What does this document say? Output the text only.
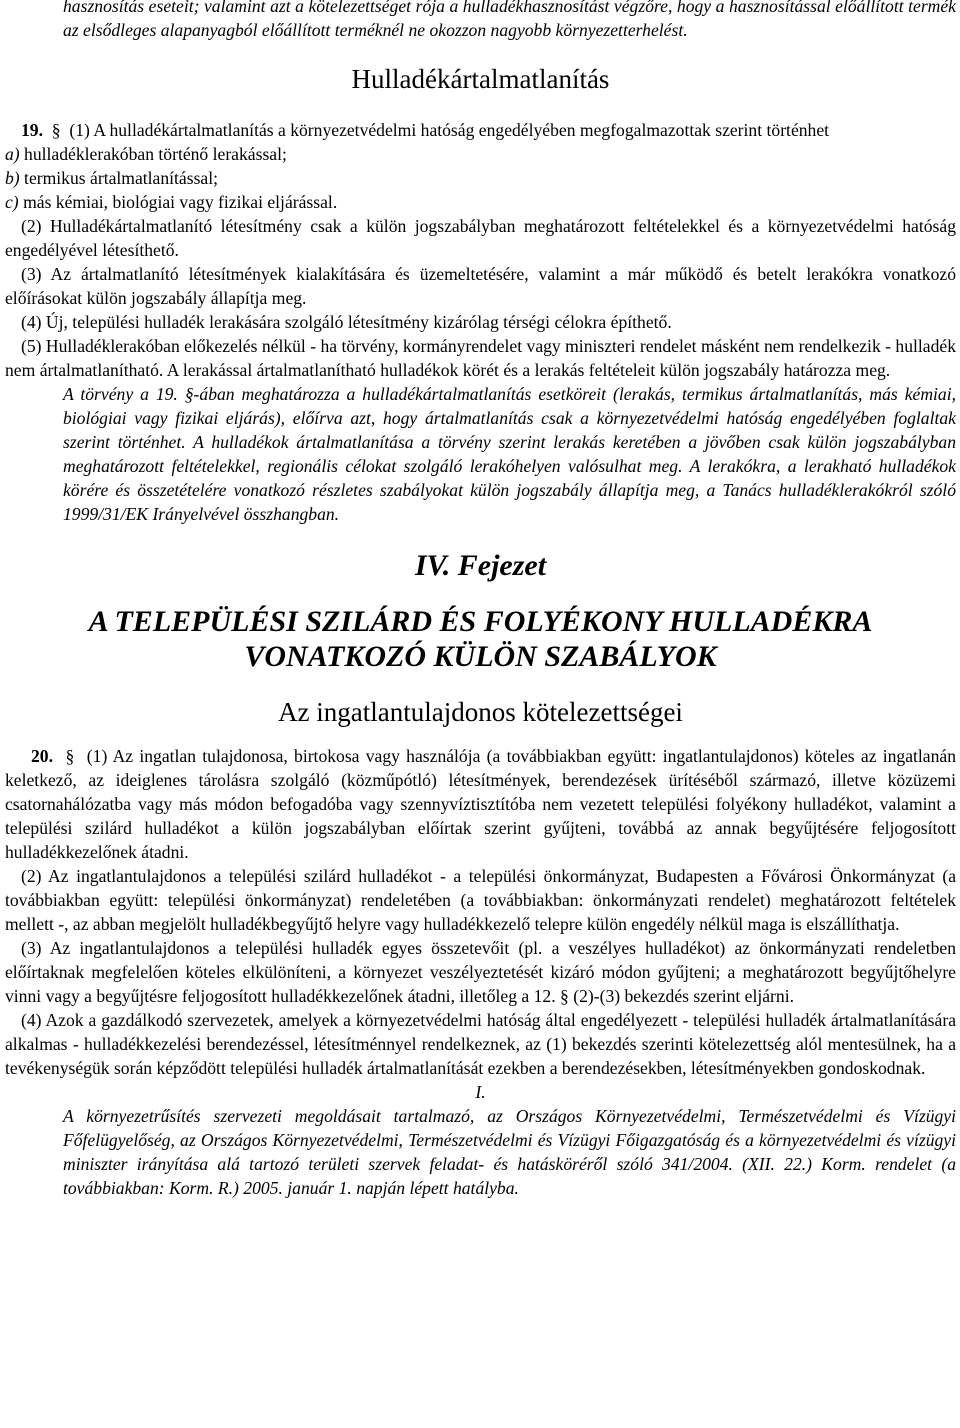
hasznosítás eseteit; valamint azt a kötelezettséget rója a hulladékhasznosítást végzőre, hogy a hasznosítással előállított termék az elsődleges alapanyagból előállított terméknél ne okozzon nagyobb környezetterhelést.

Hulladékártalmatlanítás

19. § (1) A hulladékártalmatlanítás a környezetvédelmi hatóság engedélyében megfogalmazottak szerint történhet

a) hulladéklerakóban történő lerakással;

b) termikus ártalmatlanítással;

c) más kémiai, biológiai vagy fizikai eljárással.

(2) Hulladékártalmatlanító létesítmény csak a külön jogszabályban meghatározott feltételekkel és a környezetvédelmi hatóság engedélyével létesíthető.

(3) Az ártalmatlanító létesítmények kialakítására és üzemeltetésére, valamint a már működő és betelt lerakókra vonatkozó előírásokat külön jogszabály állapítja meg.

(4) Új, települési hulladék lerakására szolgáló létesítmény kizárólag térségi célokra építhető.

(5) Hulladéklerakóban előkezelés nélkül - ha törvény, kormányrendelet vagy miniszteri rendelet másként nem rendelkezik - hulladék nem ártalmatlanítható. A lerakással ártalmatlanítható hulladékok körét és a lerakás feltételeit külön jogszabály határozza meg.

A törvény a 19. §-ában meghatározza a hulladékártalmatlanítás esetköreit (lerakás, termikus ártalmatlanítás, más kémiai, biológiai vagy fizikai eljárás), előírva azt, hogy ártalmatlanítás csak a környezetvédelmi hatóság engedélyében foglaltak szerint történhet. A hulladékok ártalmatlanítása a törvény szerint lerakás keretében a jövőben csak külön jogszabályban meghatározott feltételekkel, regionális célokat szolgáló lerakóhelyen valósulhat meg. A lerakókra, a lerakható hulladékok körére és összetételére vonatkozó részletes szabályokat külön jogszabály állapítja meg, a Tanács hulladéklerakókról szóló 1999/31/EK Irányelvével összhangban.

IV. Fejezet
A TELEPÜLÉSI SZILÁRD ÉS FOLYÉKONY HULLADÉKRA
VONATKOZÓ KÜLÖN SZABÁLYOK
Az ingatlantulajdonos kötelezettségei

20. § (1) Az ingatlan tulajdonosa, birtokosa vagy használója (a továbbiakban együtt: ingatlantulajdonos) köteles az ingatlanán keletkező, az ideiglenes tárolásra szolgáló (közműpótló) létesítmények, berendezések ürítéséből származó, illetve közüzemi csatornahálózatba vagy más módon befogadóba vagy szennyvíztisztítóba nem vezetett települési folyékony hulladékot, valamint a települési szilárd hulladékot a külön jogszabályban előírtak szerint gyűjteni, továbbá az annak begyűjtésére feljogosított hulladékkezelőnek átadni.

(2) Az ingatlantulajdonos a települési szilárd hulladékot - a települési önkormányzat, Budapesten a Fővárosi Önkormányzat (a továbbiakban együtt: települési önkormányzat) rendeletében (a továbbiakban: önkormányzati rendelet) meghatározott feltételek mellett -, az abban megjelölt hulladékbegyűjtő helyre vagy hulladékkezelő telepre külön engedély nélkül maga is elszállíthatja.

(3) Az ingatlantulajdonos a települési hulladék egyes összetevőit (pl. a veszélyes hulladékot) az önkormányzati rendeletben előírtaknak megfelelően köteles elkülöníteni, a környezet veszélyeztetését kizáró módon gyűjteni; a meghatározott begyűjtőhelyre vinni vagy a begyűjtésre feljogosított hulladékkezelőnek átadni, illetőleg a 12. § (2)-(3) bekezdés szerint eljárni.

(4) Azok a gazdálkodó szervezetek, amelyek a környezetvédelmi hatóság által engedélyezett - települési hulladék ártalmatlanítására alkalmas - hulladékkezelési berendezéssel, létesítménnyel rendelkeznek, az (1) bekezdés szerinti kötelezettség alól mentesülnek, ha a tevékenységük során képződött települési hulladék ártalmatlanítását ezekben a berendezésekben, létesítményekben gondoskodnak.

I.

A környezetrűsítés szervezeti megoldásait tartalmazó, az Országos Környezetvédelmi, Természetvédelmi és Vízügyi Főfelügyelőség, az Országos Környezetvédelmi, Természetvédelmi és Vízügyi Főigazgatóság és a környezetvédelmi és vízügyi miniszter irányítása alá tartozó területi szervek feladat- és hatásköréről szóló 341/2004. (XII. 22.) Korm. rendelet (a továbbiakban: Korm. R.) 2005. január 1. napján lépett hatályba.
